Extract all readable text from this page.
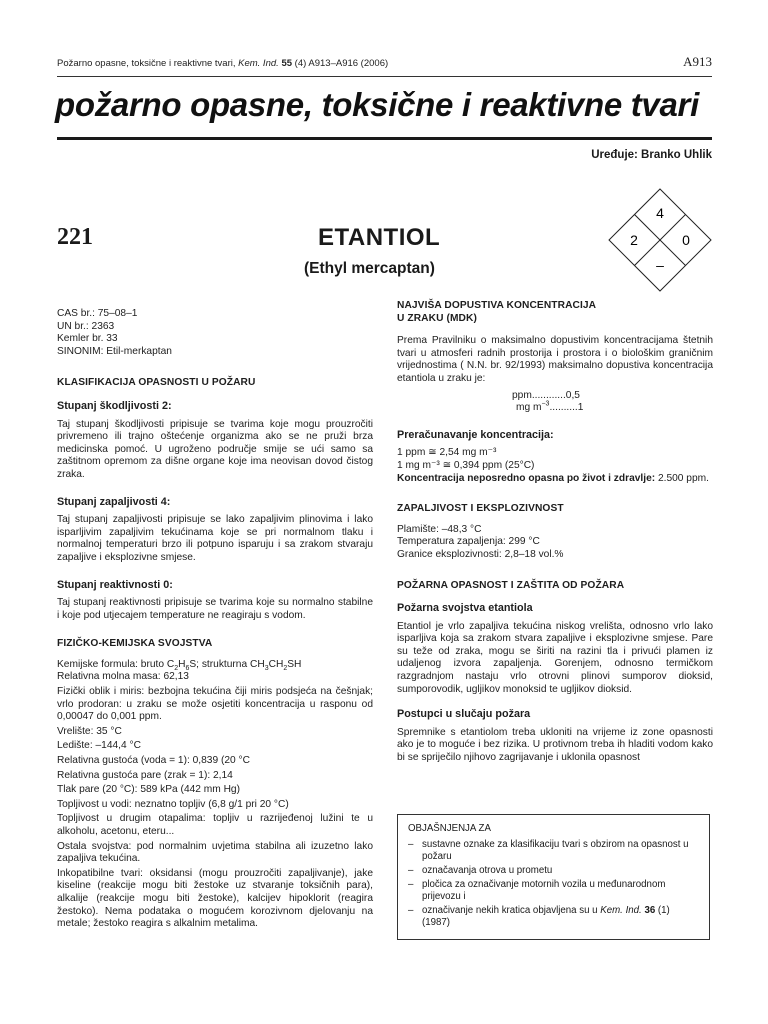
Požarno opasne, toksične i reaktivne tvari, Kem. Ind. 55 (4) A913–A916 (2006)	A913
požarno opasne, toksične i reaktivne tvari
Uređuje: Branko Uhlik
221	ETANTIOL
(Ethyl mercaptan)
4
2	0
–
CAS br.: 75–08–1
UN br.: 2363
Kemler br. 33
SINONIM: Etil-merkaptan
KLASIFIKACIJA OPASNOSTI U POŽARU
Stupanj škodljivosti 2:

Taj stupanj škodljivosti pripisuje se tvarima koje mogu prouzročiti privremeno ili trajno oštećenje organizma ako se ne pruži brza medicinska pomoć. U ugroženo područje smije se ući samo sa zaštitnom opremom za dišne organe koje ima neovisan dovod čistog zraka.

Stupanj zapaljivosti 4:

Taj stupanj zapaljivosti pripisuje se lako zapaljivim plinovima i lako isparljivim zapaljivim tekućinama koje se pri normalnom tlaku i normalnoj temperaturi brzo ili potpuno isparuju i sa zrakom stvaraju zapaljive i eksplozivne smjese.

Stupanj reaktivnosti 0:

Taj stupanj reaktivnosti pripisuje se tvarima koje su normalno stabilne i koje pod utjecajem temperature ne reagiraju s vodom.

FIZIČKO-KEMIJSKA SVOJSTVA
Kemijske formula: bruto $C_2H_6S$; strukturna $CH_3CH_2SH$

Relativna molna masa: 62,13

Fizički oblik i miris: bezbojna tekućina čiji miris podsjeća na češnjak; vrlo prodoran: u zraku se može osjetiti koncentracija u rasponu od 0,00047 do 0,001 ppm.

Vrelište: 35 °C

Ledište: –144,4 °C

Relativna gustoća (voda = 1): 0,839 (20 °C

Relativna gustoća pare (zrak = 1): 2,14

Tlak pare (20 °C): 589 kPa (442 mm Hg)

Topljivost u vodi: neznatno topljiv (6,8 g/1 pri 20 °C)

Topljivost u drugim otapalima: topljiv u razrijeđenoj lužini te u alkoholu, acetonu, eteru...

Ostala svojstva: pod normalnim uvjetima stabilna ali izuzetno lako zapaljiva tekućina.

Inkopatibilne tvari: oksidansi (mogu prouzročiti zapaljivanje), jake kiseline (reakcije mogu biti žestoke uz stvaranje toksičnih para), alkalije (reakcije mogu biti žestoke), kalcijev hipoklorit (reagira žestoko). Nema podataka o mogućem korozivnom djelovanju na metale; žestoko reagira s alkalnim metalima.

NAJVIŠA DOPUSTIVA KONCENTRACIJA
U ZRAKU (MDK)

Prema Pravilniku o maksimalno dopustivim koncentracijama štetnih tvari u atmosferi radnih prostorija i prostora i o biološkim graničnim vrijednostima ( N.N. br. 92/1993) maksimalno dopustiva koncentracija etantiola u zraku je:

ppm............0,5
mg $m^{-3}..........1$
Preračunavanje koncentracija:
1 ppm ≅ 2,54 mg m⁻³
1 mg m⁻³ ≅ 0,394 ppm (25°C)
Koncentracija neposredno opasna po život i zdravlje: 2.500 ppm.
ZAPALJIVOST I EKSPLOZIVNOST
Plamište: –48,3 °C
Temperatura zapaljenja: 299 °C
Granice eksplozivnosti: 2,8–18 vol.%
POŽARNA OPASNOST I ZAŠTITA OD POŽARA
Požarna svojstva etantiola

Etantiol je vrlo zapaljiva tekućina niskog vrelišta, odnosno vrlo lako isparljiva koja sa zrakom stvara zapaljive i eksplozivne smjese. Pare su teže od zraka, mogu se širiti na razini tla i privući plamen iz udaljenog izvora zapaljenja. Gorenjem, odnosno termičkom razgradnjom nastaju vrlo otrovni plinovi sumporov dioksid, sumporovodik, ugljikov monoksid te ugljikov dioksid.

Postupci u slučaju požara

Spremnike s etantiolom treba ukloniti na vrijeme iz zone opasnosti ako je to moguće i bez rizika. U protivnom treba ih hladiti vodom kako bi se spriječilo njihovo zagrijavanje i uklonila opasnost

OBJAŠNJENJA ZA
– sustavne oznake za klasifikaciju tvari s obzirom na opasnost u požaru
– označavanja otrova u prometu
– pločica za označivanje motornih vozila u međunarodnom prijevozu i
– označivanje nekih kratica objavljena su u Kem. Ind. 36 (1) (1987)
